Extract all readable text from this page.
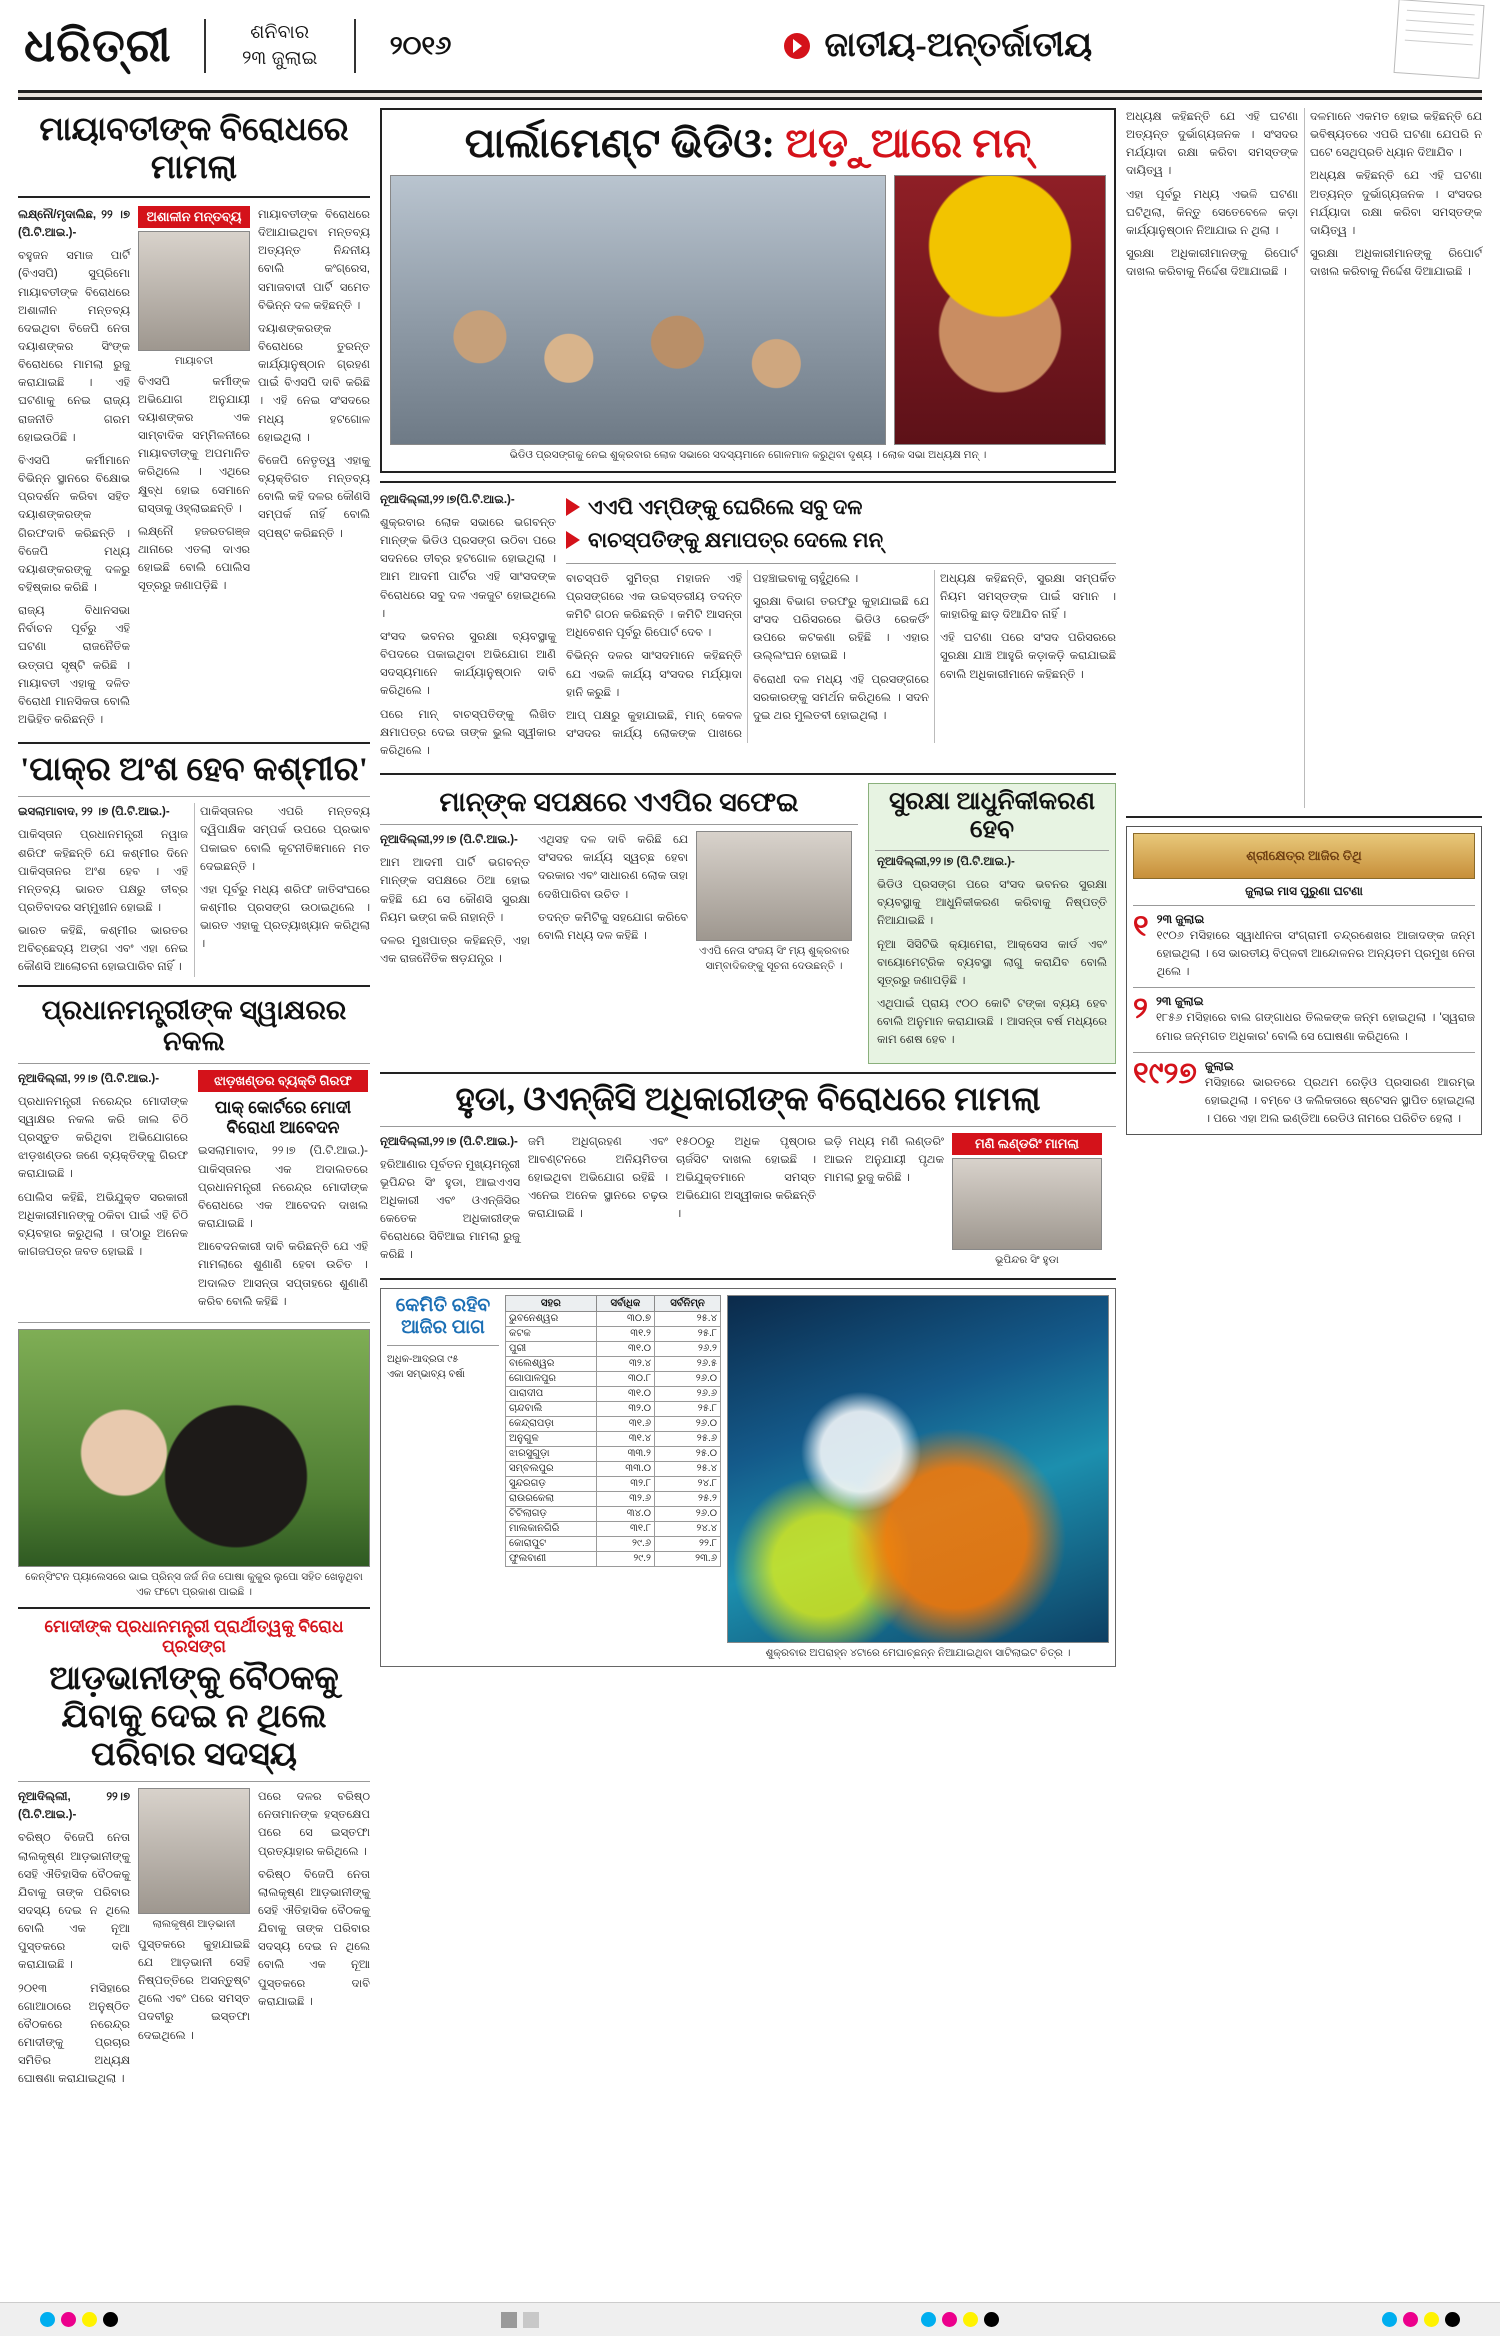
ଧରିତ୍ରୀ	ଶନିବାର
୨୩ ଜୁଲାଇ	୨୦୧୬	ଜାତୀୟ-ଅନ୍ତର୍ଜାତୀୟ
ମାୟାବତୀଙ୍କ ବିରୋଧରେ ମାମଲା

ଲକ୍ଷ୍ନୌ/ମୃଦାଲିଛ, ୨୨ ।୭ (ପି.ଟି.ଆଇ.)-

ବହୁଜନ ସମାଜ ପାର୍ଟି (ବିଏସପି) ସୁପ୍ରିମୋ ମାୟାବତୀଙ୍କ ବିରୋଧରେ ଅଶାଳୀନ ମନ୍ତବ୍ୟ ଦେଇଥିବା ବିଜେପି ନେତା ଦୟାଶଙ୍କର ସିଂଙ୍କ ବିରୋଧରେ ମାମଲା ରୁଜୁ କରାଯାଇଛି । ଏହି ଘଟଣାକୁ ନେଇ ରାଜ୍ୟ ରାଜନୀତି ଗରମ ହୋଇଉଠିଛି ।

ବିଏସପି କର୍ମୀମାନେ ବିଭିନ୍ନ ସ୍ଥାନରେ ବିକ୍ଷୋଭ ପ୍ରଦର୍ଶନ କରିବା ସହିତ ଦୟାଶଙ୍କରଙ୍କ ଗିରଫଦାବି କରିଛନ୍ତି । ବିଜେପି ମଧ୍ୟ ଦୟାଶଙ୍କରଙ୍କୁ ଦଳରୁ ବହିଷ୍କାର କରିଛି ।

ରାଜ୍ୟ ବିଧାନସଭା ନିର୍ବାଚନ ପୂର୍ବରୁ ଏହି ଘଟଣା ରାଜନୈତିକ ଉତ୍ତାପ ସୃଷ୍ଟି କରିଛି । ମାୟାବତୀ ଏହାକୁ ଦଳିତ ବିରୋଧୀ ମାନସିକତା ବୋଲି ଅଭିହିତ କରିଛନ୍ତି ।

ଅଶାଳୀନ ମନ୍ତବ୍ୟ
ମାୟାବତୀ

ବିଏସପି କର୍ମୀଙ୍କ ଅଭିଯୋଗ ଅନୁଯାୟୀ ଦୟାଶଙ୍କର ଏକ ସାମ୍ବାଦିକ ସମ୍ମିଳନୀରେ ମାୟାବତୀଙ୍କୁ ଅପମାନିତ କରିଥିଲେ । ଏଥିରେ କ୍ଷୁବ୍ଧ ହୋଇ ସେମାନେ ରାସ୍ତାକୁ ଓହ୍ଲାଇଛନ୍ତି ।

ଲକ୍ଷ୍ନୌ ହଜରତଗଞ୍ଜ ଥାନାରେ ଏତଲା ଦାଏର ହୋଇଛି ବୋଲି ପୋଲିସ ସୂତ୍ରରୁ ଜଣାପଡ଼ିଛି ।

ମାୟାବତୀଙ୍କ ବିରୋଧରେ ଦିଆଯାଇଥିବା ମନ୍ତବ୍ୟ ଅତ୍ୟନ୍ତ ନିନ୍ଦନୀୟ ବୋଲି କଂଗ୍ରେସ, ସମାଜବାଦୀ ପାର୍ଟି ସମେତ ବିଭିନ୍ନ ଦଳ କହିଛନ୍ତି ।

ଦୟାଶଙ୍କରଙ୍କ ବିରୋଧରେ ତୁରନ୍ତ କାର୍ଯ୍ୟାନୁଷ୍ଠାନ ଗ୍ରହଣ ପାଇଁ ବିଏସପି ଦାବି କରିଛି । ଏହି ନେଇ ସଂସଦରେ ମଧ୍ୟ ହଟଗୋଳ ହୋଇଥିଲା ।

ବିଜେପି ନେତୃତ୍ୱ ଏହାକୁ ବ୍ୟକ୍ତିଗତ ମନ୍ତବ୍ୟ ବୋଲି କହି ଦଳର କୌଣସି ସମ୍ପର୍କ ନାହିଁ ବୋଲି ସ୍ପଷ୍ଟ କରିଛନ୍ତି ।

'ପାକ୍‌ର ଅଂଶ ହେବ କଶ୍ମୀର'

ଇସଲାମାବାଦ, ୨୨ ।୭ (ପି.ଟି.ଆଇ.)-

ପାକିସ୍ତାନ ପ୍ରଧାନମନ୍ତ୍ରୀ ନୱାଜ ଶରିଫ କହିଛନ୍ତି ଯେ କଶ୍ମୀର ଦିନେ ପାକିସ୍ତାନର ଅଂଶ ହେବ । ଏହି ମନ୍ତବ୍ୟ ଭାରତ ପକ୍ଷରୁ ତୀବ୍ର ପ୍ରତିବାଦର ସମ୍ମୁଖୀନ ହୋଇଛି ।

ଭାରତ କହିଛି, କଶ୍ମୀର ଭାରତର ଅବିଚ୍ଛେଦ୍ୟ ଅଙ୍ଗ ଏବଂ ଏହା ନେଇ କୌଣସି ଆଲୋଚନା ହୋଇପାରିବ ନାହିଁ ।

ପାକିସ୍ତାନର ଏପରି ମନ୍ତବ୍ୟ ଦ୍ୱିପାକ୍ଷିକ ସମ୍ପର୍କ ଉପରେ ପ୍ରଭାବ ପକାଇବ ବୋଲି କୂଟନୀତିଜ୍ଞମାନେ ମତ ଦେଇଛନ୍ତି ।

ଏହା ପୂର୍ବରୁ ମଧ୍ୟ ଶରିଫ ଜାତିସଂଘରେ କଶ୍ମୀର ପ୍ରସଙ୍ଗ ଉଠାଇଥିଲେ । ଭାରତ ଏହାକୁ ପ୍ରତ୍ୟାଖ୍ୟାନ କରିଥିଲା ।

ପ୍ରଧାନମନ୍ତ୍ରୀଙ୍କ ସ୍ୱାକ୍ଷରର ନକଲ

ନୂଆଦିଲ୍ଲୀ, ୨୨।୭ (ପି.ଟି.ଆଇ.)-

ପ୍ରଧାନମନ୍ତ୍ରୀ ନରେନ୍ଦ୍ର ମୋଦୀଙ୍କ ସ୍ୱାକ୍ଷର ନକଲ କରି ଜାଲ ଚିଠି ପ୍ରସ୍ତୁତ କରିଥିବା ଅଭିଯୋଗରେ ଝାଡ଼ଖଣ୍ଡର ଜଣେ ବ୍ୟକ୍ତିଙ୍କୁ ଗିରଫ କରାଯାଇଛି ।

ପୋଲିସ କହିଛି, ଅଭିଯୁକ୍ତ ସରକାରୀ ଅଧିକାରୀମାନଙ୍କୁ ଠକିବା ପାଇଁ ଏହି ଚିଠି ବ୍ୟବହାର କରୁଥିଲା । ତା'ଠାରୁ ଅନେକ କାଗଜପତ୍ର ଜବତ ହୋଇଛି ।

ଝାଡ଼ଖଣ୍ଡର ବ୍ୟକ୍ତି ଗିରଫ
ପାକ୍‌ କୋର୍ଟରେ ମୋଦୀ ବିରୋଧୀ ଆବେଦନ

ଇସଲାମାବାଦ, ୨୨।୭ (ପି.ଟି.ଆଇ.)- ପାକିସ୍ତାନର ଏକ ଅଦାଲତରେ ପ୍ରଧାନମନ୍ତ୍ରୀ ନରେନ୍ଦ୍ର ମୋଦୀଙ୍କ ବିରୋଧରେ ଏକ ଆବେଦନ ଦାଖଲ କରାଯାଇଛି ।

ଆବେଦନକାରୀ ଦାବି କରିଛନ୍ତି ଯେ ଏହି ମାମଲାରେ ଶୁଣାଣି ହେବା ଉଚିତ । ଅଦାଲତ ଆସନ୍ତା ସପ୍ତାହରେ ଶୁଣାଣି କରିବ ବୋଲି କହିଛି ।

କେନ୍ସିଂଟନ ପ୍ୟାଲେସରେ ଭାଇ ପ୍ରିନ୍ସ ଜର୍ଜ ନିଜ ପୋଷା କୁକୁର ଲୁପୋ ସହିତ ଖେଳୁଥିବା ଏକ ଫଟୋ ପ୍ରକାଶ ପାଇଛି ।
ମୋଦୀଙ୍କ ପ୍ରଧାନମନ୍ତ୍ରୀ ପ୍ରାର୍ଥୀତ୍ୱକୁ ବିରୋଧ ପ୍ରସଙ୍ଗ
ଆଡ଼ଭାନୀଙ୍କୁ ବୈଠକକୁ ଯିବାକୁ ଦେଇ ନ ଥିଲେ ପରିବାର ସଦସ୍ୟ

ନୂଆଦିଲ୍ଲୀ, ୨୨।୭ (ପି.ଟି.ଆଇ.)-

ବରିଷ୍ଠ ବିଜେପି ନେତା ଲାଲକୃଷ୍ଣ ଆଡ଼ଭାନୀଙ୍କୁ ସେହି ଐତିହାସିକ ବୈଠକକୁ ଯିବାକୁ ତାଙ୍କ ପରିବାର ସଦସ୍ୟ ଦେଇ ନ ଥିଲେ ବୋଲି ଏକ ନୂଆ ପୁସ୍ତକରେ ଦାବି କରାଯାଇଛି ।

୨୦୧୩ ମସିହାରେ ଗୋଆଠାରେ ଅନୁଷ୍ଠିତ ବୈଠକରେ ନରେନ୍ଦ୍ର ମୋଦୀଙ୍କୁ ପ୍ରଚାର ସମିତିର ଅଧ୍ୟକ୍ଷ ଘୋଷଣା କରାଯାଇଥିଲା ।

ଲାଲକୃଷ୍ଣ ଆଡ଼ଭାନୀ

ପୁସ୍ତକରେ କୁହାଯାଇଛି ଯେ ଆଡ଼ଭାନୀ ସେହି ନିଷ୍ପତ୍ତିରେ ଅସନ୍ତୁଷ୍ଟ ଥିଲେ ଏବଂ ପରେ ସମସ୍ତ ପଦବୀରୁ ଇସ୍ତଫା ଦେଇଥିଲେ ।

ପରେ ଦଳର ବରିଷ୍ଠ ନେତାମାନଙ୍କ ହସ୍ତକ୍ଷେପ ପରେ ସେ ଇସ୍ତଫା ପ୍ରତ୍ୟାହାର କରିଥିଲେ ।

ବରିଷ୍ଠ ବିଜେପି ନେତା ଲାଲକୃଷ୍ଣ ଆଡ଼ଭାନୀଙ୍କୁ ସେହି ଐତିହାସିକ ବୈଠକକୁ ଯିବାକୁ ତାଙ୍କ ପରିବାର ସଦସ୍ୟ ଦେଇ ନ ଥିଲେ ବୋଲି ଏକ ନୂଆ ପୁସ୍ତକରେ ଦାବି କରାଯାଇଛି ।

ପାର୍ଲାମେଣ୍ଟ ଭିଡିଓ: ଅଡ଼ୁଆରେ ମନ୍
ଭିଡିଓ ପ୍ରସଙ୍ଗକୁ ନେଇ ଶୁକ୍ରବାର ଲୋକ ସଭାରେ ସଦସ୍ୟମାନେ ଗୋଳମାଳ କରୁଥିବା ଦୃଶ୍ୟ । ଲୋକ ସଭା ଅଧ୍ୟକ୍ଷ ମନ୍ ।

ନୂଆଦିଲ୍ଲୀ,୨୨।୭(ପି.ଟି.ଆଇ.)-

ଶୁକ୍ରବାର ଲୋକ ସଭାରେ ଭଗବନ୍ତ ମାନ୍‌ଙ୍କ ଭିଡିଓ ପ୍ରସଙ୍ଗ ଉଠିବା ପରେ ସଦନରେ ତୀବ୍ର ହଟଗୋଳ ହୋଇଥିଲା । ଆମ ଆଦମୀ ପାର୍ଟିର ଏହି ସାଂସଦଙ୍କ ବିରୋଧରେ ସବୁ ଦଳ ଏକଜୁଟ ହୋଇଥିଲେ ।

ସଂସଦ ଭବନର ସୁରକ୍ଷା ବ୍ୟବସ୍ଥାକୁ ବିପଦରେ ପକାଇଥିବା ଅଭିଯୋଗ ଆଣି ସଦସ୍ୟମାନେ କାର୍ଯ୍ୟାନୁଷ୍ଠାନ ଦାବି କରିଥିଲେ ।

ପରେ ମାନ୍ ବାଚସ୍ପତିଙ୍କୁ ଲିଖିତ କ୍ଷମାପତ୍ର ଦେଇ ତାଙ୍କ ଭୁଲ ସ୍ୱୀକାର କରିଥିଲେ ।

ଏଏପି ଏମ୍‌ପିଙ୍କୁ ଘେରିଲେ ସବୁ ଦଳ
ବାଚସ୍ପତିଙ୍କୁ କ୍ଷମାପତ୍ର ଦେଲେ ମନ୍

ବାଚସ୍ପତି ସୁମିତ୍ରା ମହାଜନ ଏହି ପ୍ରସଙ୍ଗରେ ଏକ ଉଚ୍ଚସ୍ତରୀୟ ତଦନ୍ତ କମିଟି ଗଠନ କରିଛନ୍ତି । କମିଟି ଆସନ୍ତା ଅଧିବେଶନ ପୂର୍ବରୁ ରିପୋର୍ଟ ଦେବ ।

ବିଭିନ୍ନ ଦଳର ସାଂସଦମାନେ କହିଛନ୍ତି ଯେ ଏଭଳି କାର୍ଯ୍ୟ ସଂସଦର ମର୍ଯ୍ୟାଦା ହାନି କରୁଛି ।

ଆପ୍ ପକ୍ଷରୁ କୁହାଯାଇଛି, ମାନ୍ କେବଳ ସଂସଦର କାର୍ଯ୍ୟ ଲୋକଙ୍କ ପାଖରେ ପହଞ୍ଚାଇବାକୁ ଚାହୁଁଥିଲେ ।

ସୁରକ୍ଷା ବିଭାଗ ତରଫରୁ କୁହାଯାଇଛି ଯେ ସଂସଦ ପରିସରରେ ଭିଡିଓ ରେକର୍ଡିଂ ଉପରେ କଟକଣା ରହିଛି । ଏହାର ଉଲ୍ଲଂଘନ ହୋଇଛି ।

ବିରୋଧୀ ଦଳ ମଧ୍ୟ ଏହି ପ୍ରସଙ୍ଗରେ ସରକାରଙ୍କୁ ସମର୍ଥନ କରିଥିଲେ । ସଦନ ଦୁଇ ଥର ମୁଲତବୀ ହୋଇଥିଲା ।

ଅଧ୍ୟକ୍ଷ କହିଛନ୍ତି, ସୁରକ୍ଷା ସମ୍ପର୍କିତ ନିୟମ ସମସ୍ତଙ୍କ ପାଇଁ ସମାନ । କାହାରିକୁ ଛାଡ଼ ଦିଆଯିବ ନାହିଁ ।

ଏହି ଘଟଣା ପରେ ସଂସଦ ପରିସରରେ ସୁରକ୍ଷା ଯାଞ୍ଚ ଆହୁରି କଡ଼ାକଡ଼ି କରାଯାଇଛି ବୋଲି ଅଧିକାରୀମାନେ କହିଛନ୍ତି ।

ମାନ୍‌ଙ୍କ ସପକ୍ଷରେ ଏଏପିର ସଫେଇ

ନୂଆଦିଲ୍ଲୀ,୨୨।୭ (ପି.ଟି.ଆଇ.)-

ଆମ ଆଦମୀ ପାର୍ଟି ଭଗବନ୍ତ ମାନ୍‌ଙ୍କ ସପକ୍ଷରେ ଠିଆ ହୋଇ କହିଛି ଯେ ସେ କୌଣସି ସୁରକ୍ଷା ନିୟମ ଭଙ୍ଗ କରି ନାହାନ୍ତି ।

ଦଳର ମୁଖପାତ୍ର କହିଛନ୍ତି, ଏହା ଏକ ରାଜନୈତିକ ଷଡ଼ଯନ୍ତ୍ର ।

ଏଥିସହ ଦଳ ଦାବି କରିଛି ଯେ ସଂସଦର କାର୍ଯ୍ୟ ସ୍ୱଚ୍ଛ ହେବା ଦରକାର ଏବଂ ସାଧାରଣ ଲୋକ ତାହା ଦେଖିପାରିବା ଉଚିତ ।

ତଦନ୍ତ କମିଟିକୁ ସହଯୋଗ କରିବେ ବୋଲି ମଧ୍ୟ ଦଳ କହିଛି ।

ଏଏପି ନେତା ସଂଜୟ ସିଂ ମ୍ୟ ଶୁକ୍ରବାର ସାମ୍ବାଦିକଙ୍କୁ ସୂଚନା ଦେଉଛନ୍ତି ।
ସୁରକ୍ଷା ଆଧୁନିକୀକରଣ ହେବ

ନୂଆଦିଲ୍ଲୀ,୨୨।୭ (ପି.ଟି.ଆଇ.)-

ଭିଡିଓ ପ୍ରସଙ୍ଗ ପରେ ସଂସଦ ଭବନର ସୁରକ୍ଷା ବ୍ୟବସ୍ଥାକୁ ଆଧୁନିକୀକରଣ କରିବାକୁ ନିଷ୍ପତ୍ତି ନିଆଯାଇଛି ।

ନୂଆ ସିସିଟିଭି କ୍ୟାମେରା, ଆକ୍ସେସ କାର୍ଡ ଏବଂ ବାୟୋମେଟ୍ରିକ ବ୍ୟବସ୍ଥା ଲାଗୁ କରାଯିବ ବୋଲି ସୂତ୍ରରୁ ଜଣାପଡ଼ିଛି ।

ଏଥିପାଇଁ ପ୍ରାୟ ୯୦୦ କୋଟି ଟଙ୍କା ବ୍ୟୟ ହେବ ବୋଲି ଅନୁମାନ କରାଯାଉଛି । ଆସନ୍ତା ବର୍ଷ ମଧ୍ୟରେ କାମ ଶେଷ ହେବ ।

ହୁଡା, ଓଏନ୍‌ଜିସି ଅଧିକାରୀଙ୍କ ବିରୋଧରେ ମାମଲା

ନୂଆଦିଲ୍ଲୀ,୨୨।୭ (ପି.ଟି.ଆଇ.)-

ହରିଆଣାର ପୂର୍ବତନ ମୁଖ୍ୟମନ୍ତ୍ରୀ ଭୂପିନ୍ଦର ସିଂ ହୁଡା, ଆଇଏଏସ ଅଧିକାରୀ ଏବଂ ଓଏନ୍‌ଜିସିର କେତେକ ଅଧିକାରୀଙ୍କ ବିରୋଧରେ ସିବିଆଇ ମାମଲା ରୁଜୁ କରିଛି ।

ଜମି ଅଧିଗ୍ରହଣ ଏବଂ ଆବଣ୍ଟନରେ ଅନିୟମିତତା ହୋଇଥିବା ଅଭିଯୋଗ ରହିଛି । ଏନେଇ ଅନେକ ସ୍ଥାନରେ ଚଢ଼ଉ କରାଯାଇଛି ।

୧୫୦୦ରୁ ଅଧିକ ପୃଷ୍ଠାର ଚାର୍ଜସିଟ ଦାଖଲ ହୋଇଛି । ଅଭିଯୁକ୍ତମାନେ ସମସ୍ତ ଅଭିଯୋଗ ଅସ୍ୱୀକାର କରିଛନ୍ତି ।

ଇଡ଼ି ମଧ୍ୟ ମଣି ଲଣ୍ଡରିଂ ଆଇନ ଅନୁଯାୟୀ ପୃଥକ ମାମଲା ରୁଜୁ କରିଛି ।

ମଣି ଲଣ୍ଡରିଂ ମାମଲା
ଭୂପିନ୍ଦର ସିଂ ହୁଡା
କେମିତି ରହିବ
ଆଜିର ପାଗ
ଅଧିକ-ଆଦ୍ରତା ୯୫
ଏକା ସମ୍ଭାବ୍ୟ ବର୍ଷା
ସହର	ସର୍ବାଧିକ	ସର୍ବନିମ୍ନ
ଭୁବନେଶ୍ୱର	୩୦.୭	୨୫.୪
କଟକ	୩୧.୨	୨୫.୮
ପୁରୀ	୩୧.୦	୨୬.୨
ବାଲେଶ୍ୱର	୩୨.୪	୨୬.୫
ଗୋପାଳପୁର	୩୦.୮	୨୬.୦
ପାରାଦୀପ	୩୧.୦	୨୬.୬
ଚାନ୍ଦବାଲି	୩୨.୦	୨୫.୮
କେନ୍ଦ୍ରାପଡ଼ା	୩୧.୬	୨୬.୦
ଅନୁଗୁଳ	୩୧.୪	୨୫.୬
ଝାରସୁଗୁଡ଼ା	୩୩.୨	୨୫.୦
ସମ୍ବଲପୁର	୩୩.୦	୨୫.୪
ସୁନ୍ଦରଗଡ଼	୩୨.୮	୨୪.୮
ରାଉରକେଲା	୩୨.୬	୨୫.୨
ଟିଟିଲାଗଡ଼	୩୪.୦	୨୬.୦
ମାଲକାନଗିରି	୩୧.୮	୨୪.୪
କୋରାପୁଟ	୨୯.୬	୨୨.୮
ଫୁଲବାଣୀ	୨୯.୨	୨୩.୬
ଶୁକ୍ରବାର ଅପରାହ୍ନ ୪ଟାରେ ମେଘାଚ୍ଛନ୍ନ ନିଆଯାଇଥିବା ସାଟିଲାଇଟ ଚିତ୍ର ।

ଅଧ୍ୟକ୍ଷ କହିଛନ୍ତି ଯେ ଏହି ଘଟଣା ଅତ୍ୟନ୍ତ ଦୁର୍ଭାଗ୍ୟଜନକ । ସଂସଦର ମର୍ଯ୍ୟାଦା ରକ୍ଷା କରିବା ସମସ୍ତଙ୍କ ଦାୟିତ୍ୱ ।

ଏହା ପୂର୍ବରୁ ମଧ୍ୟ ଏଭଳି ଘଟଣା ଘଟିଥିଲା, କିନ୍ତୁ ସେତେବେଳେ କଡ଼ା କାର୍ଯ୍ୟାନୁଷ୍ଠାନ ନିଆଯାଇ ନ ଥିଲା ।

ସୁରକ୍ଷା ଅଧିକାରୀମାନଙ୍କୁ ରିପୋର୍ଟ ଦାଖଲ କରିବାକୁ ନିର୍ଦ୍ଦେଶ ଦିଆଯାଇଛି ।

ଦଳମାନେ ଏକମତ ହୋଇ କହିଛନ୍ତି ଯେ ଭବିଷ୍ୟତରେ ଏପରି ଘଟଣା ଯେପରି ନ ଘଟେ ସେଥିପ୍ରତି ଧ୍ୟାନ ଦିଆଯିବ ।

ଅଧ୍ୟକ୍ଷ କହିଛନ୍ତି ଯେ ଏହି ଘଟଣା ଅତ୍ୟନ୍ତ ଦୁର୍ଭାଗ୍ୟଜନକ । ସଂସଦର ମର୍ଯ୍ୟାଦା ରକ୍ଷା କରିବା ସମସ୍ତଙ୍କ ଦାୟିତ୍ୱ ।

ସୁରକ୍ଷା ଅଧିକାରୀମାନଙ୍କୁ ରିପୋର୍ଟ ଦାଖଲ କରିବାକୁ ନିର୍ଦ୍ଦେଶ ଦିଆଯାଇଛି ।

ଶ୍ରୀକ୍ଷେତ୍ର ଆଜିର ତିଥି
ଜୁଲାଇ ମାସ ପୁରୁଣା ଘଟଣା
୧ ୨୩ ଜୁଲାଇ
୧୯୦୬ ମସିହାରେ ସ୍ୱାଧୀନତା ସଂଗ୍ରାମୀ ଚନ୍ଦ୍ରଶେଖର ଆଜାଦଙ୍କ ଜନ୍ମ ହୋଇଥିଲା । ସେ ଭାରତୀୟ ବିପ୍ଳବୀ ଆନ୍ଦୋଳନର ଅନ୍ୟତମ ପ୍ରମୁଖ ନେତା ଥିଲେ ।
୨ ୨୩ ଜୁଲାଇ
୧୮୫୬ ମସିହାରେ ବାଲ ଗଙ୍ଗାଧର ତିଲକଙ୍କ ଜନ୍ମ ହୋଇଥିଲା । 'ସ୍ୱରାଜ ମୋର ଜନ୍ମଗତ ଅଧିକାର' ବୋଲି ସେ ଘୋଷଣା କରିଥିଲେ ।
୧୯୨୭ ଜୁଲାଇ
ମସିହାରେ ଭାରତରେ ପ୍ରଥମ ରେଡ଼ିଓ ପ୍ରସାରଣ ଆରମ୍ଭ ହୋଇଥିଲା । ବମ୍ବେ ଓ କଲିକତାରେ ଷ୍ଟେସନ ସ୍ଥାପିତ ହୋଇଥିଲା । ପରେ ଏହା ଅଲ ଇଣ୍ଡିଆ ରେଡିଓ ନାମରେ ପରିଚିତ ହେଲା ।
